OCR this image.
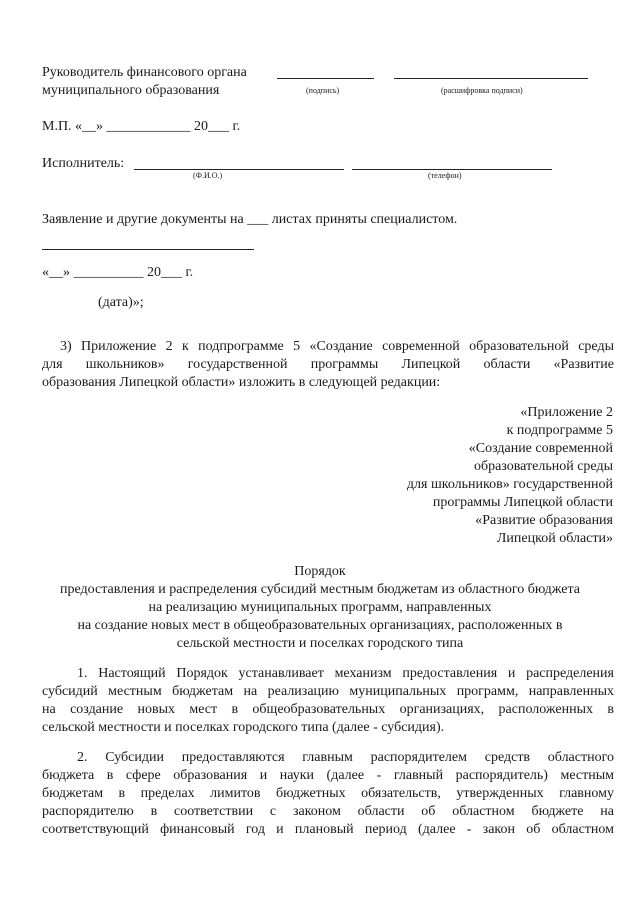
Руководитель финансового органа
муниципального образования	(подпись)	(расшифровка подписи)
М.П. «__» ____________ 20___ г.
Исполнитель:
(Ф.И.О.)	(телефон)
Заявление и другие документы на ___ листах приняты специалистом.
«__» __________ 20___ г.
(дата)»;
3) Приложение 2 к подпрограмме 5 «Создание современной образовательной среды
для школьников» государственной программы Липецкой области «Развитие
образования Липецкой области» изложить в следующей редакции:
«Приложение 2
к подпрограмме 5
«Создание современной
образовательной среды
для школьников» государственной
программы Липецкой области
«Развитие образования
Липецкой области»
Порядок
предоставления и распределения субсидий местным бюджетам из областного бюджета
на реализацию муниципальных программ, направленных
на создание новых мест в общеобразовательных организациях, расположенных в
сельской местности и поселках городского типа
1. Настоящий Порядок устанавливает механизм предоставления и распределения
субсидий местным бюджетам на реализацию муниципальных программ, направленных
на создание новых мест в общеобразовательных организациях, расположенных в
сельской местности и поселках городского типа (далее - субсидия).
2. Субсидии предоставляются главным распорядителем средств областного
бюджета в сфере образования и науки (далее - главный распорядитель) местным
бюджетам в пределах лимитов бюджетных обязательств, утвержденных главному
распорядителю в соответствии с законом области об областном бюджете на
соответствующий финансовый год и плановый период (далее - закон об областном
